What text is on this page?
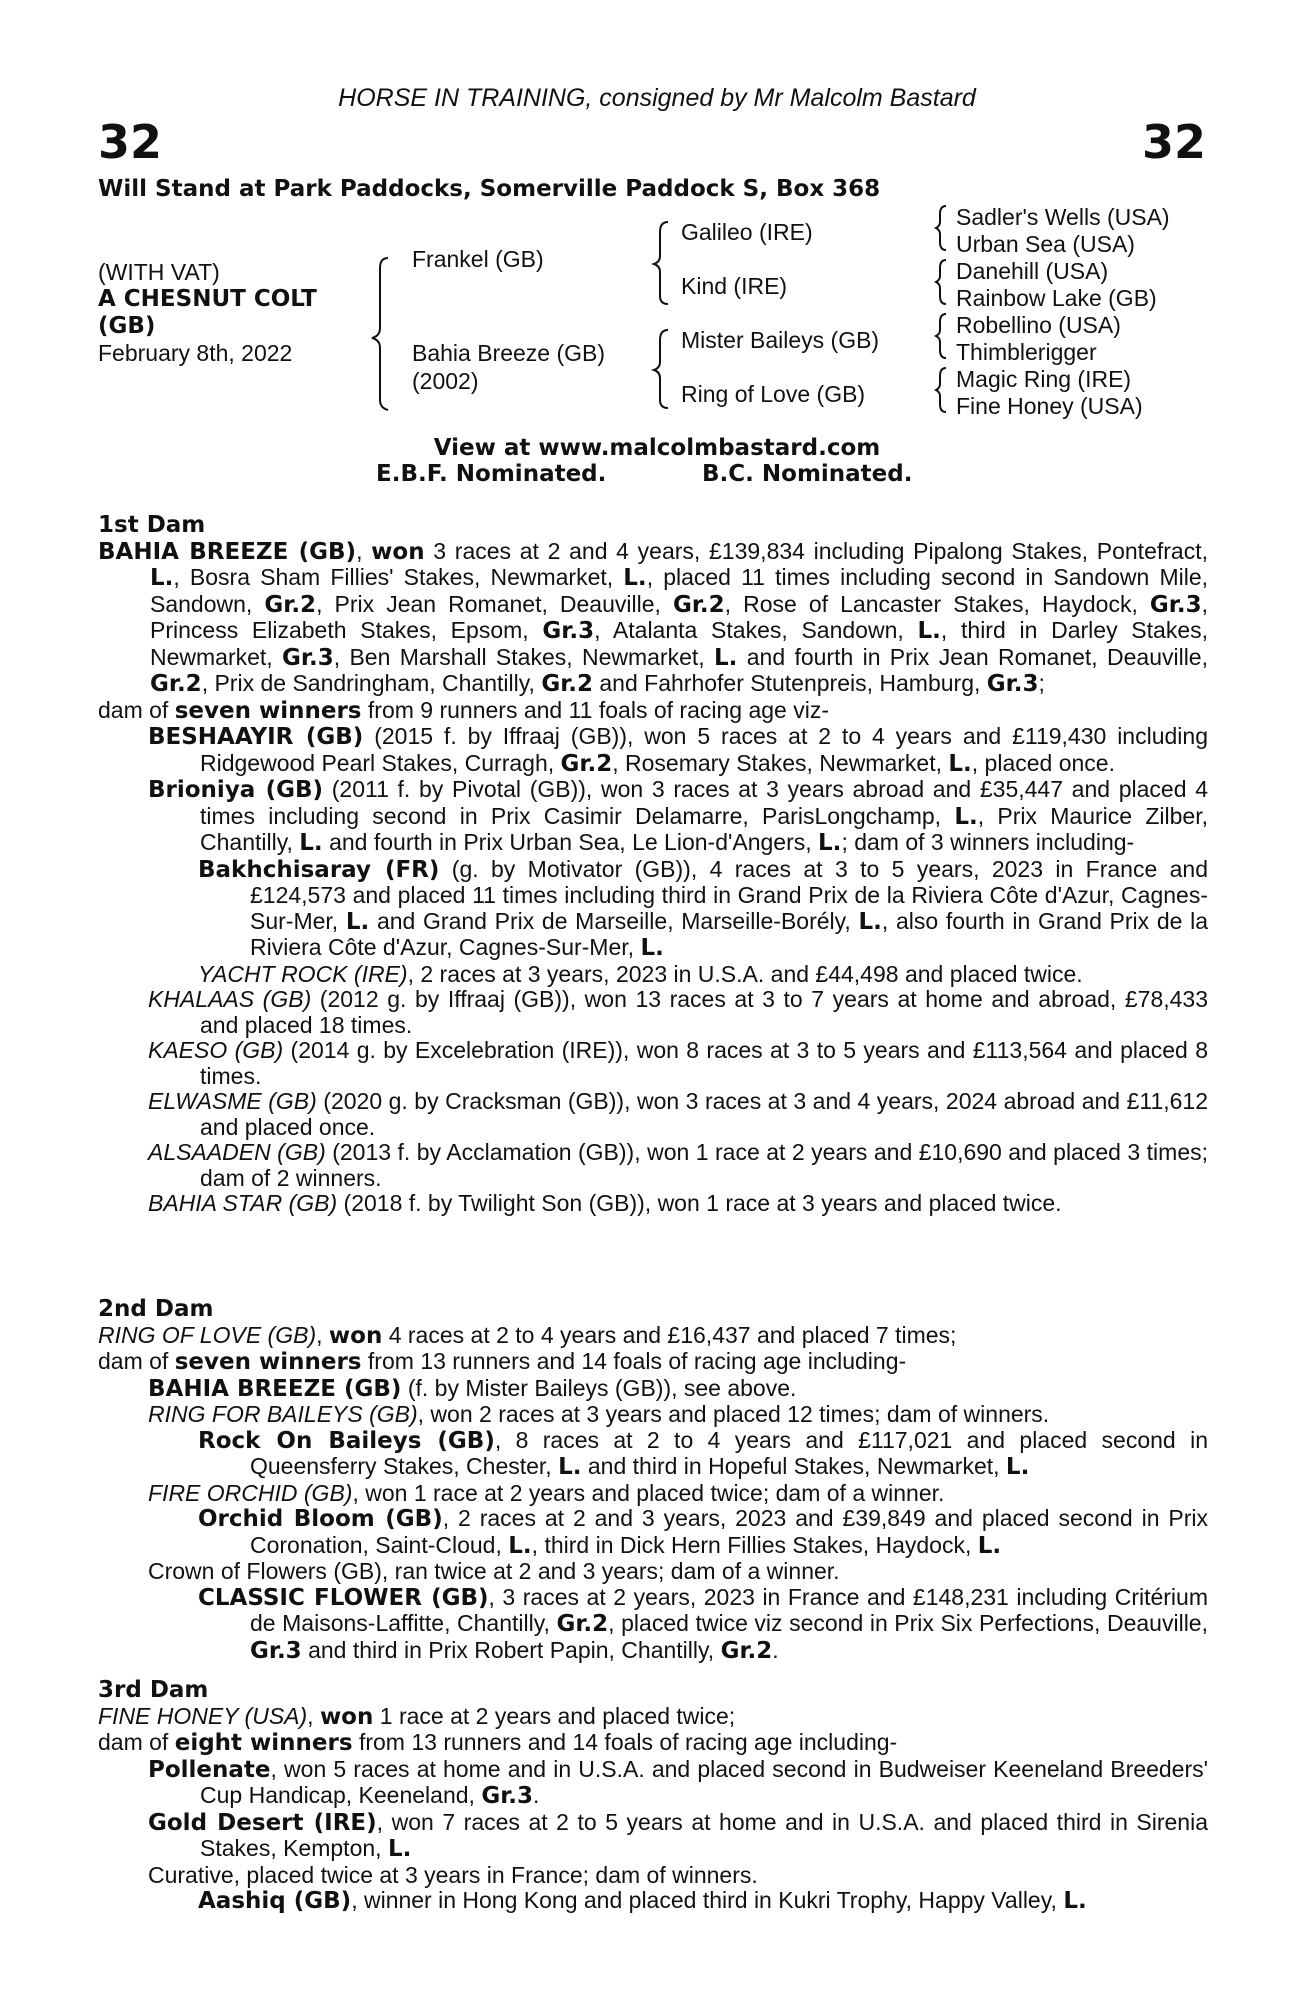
HORSE IN TRAINING, consigned by Mr Malcolm Bastard
32	32
Will Stand at Park Paddocks, Somerville Paddock S, Box 368
(WITH VAT)
A CHESNUT COLT
(GB)
February 8th, 2022
Frankel (GB)
Bahia Breeze (GB)
(2002)
Galileo (IRE)
Kind (IRE)
Mister Baileys (GB)
Ring of Love (GB)
Sadler's Wells (USA)
Urban Sea (USA)
Danehill (USA)
Rainbow Lake (GB)
Robellino (USA)
Thimblerigger
Magic Ring (IRE)
Fine Honey (USA)
View at www.malcolmbastard.com
E.B.F. Nominated.	B.C. Nominated.

1st Dam

BAHIA BREEZE (GB), won 3 races at 2 and 4 years, £139,834 including Pipalong Stakes, Pontefract, L., Bosra Sham Fillies' Stakes, Newmarket, L., placed 11 times including second in Sandown Mile, Sandown, Gr.2, Prix Jean Romanet, Deauville, Gr.2, Rose of Lancaster Stakes, Haydock, Gr.3, Princess Elizabeth Stakes, Epsom, Gr.3, Atalanta Stakes, Sandown, L., third in Darley Stakes, Newmarket, Gr.3, Ben Marshall Stakes, Newmarket, L. and fourth in Prix Jean Romanet, Deauville, Gr.2, Prix de Sandringham, Chantilly, Gr.2 and Fahrhofer Stutenpreis, Hamburg, Gr.3;

dam of seven winners from 9 runners and 11 foals of racing age viz-

BESHAAYIR (GB) (2015 f. by Iffraaj (GB)), won 5 races at 2 to 4 years and £119,430 including Ridgewood Pearl Stakes, Curragh, Gr.2, Rosemary Stakes, Newmarket, L., placed once.

Brioniya (GB) (2011 f. by Pivotal (GB)), won 3 races at 3 years abroad and £35,447 and placed 4 times including second in Prix Casimir Delamarre, ParisLongchamp, L., Prix Maurice Zilber, Chantilly, L. and fourth in Prix Urban Sea, Le Lion-d'Angers, L.; dam of 3 winners including-

Bakhchisaray (FR) (g. by Motivator (GB)), 4 races at 3 to 5 years, 2023 in France and £124,573 and placed 11 times including third in Grand Prix de la Riviera Côte d'Azur, Cagnes-Sur-Mer, L. and Grand Prix de Marseille, Marseille-Borély, L., also fourth in Grand Prix de la Riviera Côte d'Azur, Cagnes-Sur-Mer, L.

YACHT ROCK (IRE), 2 races at 3 years, 2023 in U.S.A. and £44,498 and placed twice.

KHALAAS (GB) (2012 g. by Iffraaj (GB)), won 13 races at 3 to 7 years at home and abroad, £78,433 and placed 18 times.

KAESO (GB) (2014 g. by Excelebration (IRE)), won 8 races at 3 to 5 years and £113,564 and placed 8 times.

ELWASME (GB) (2020 g. by Cracksman (GB)), won 3 races at 3 and 4 years, 2024 abroad and £11,612 and placed once.

ALSAADEN (GB) (2013 f. by Acclamation (GB)), won 1 race at 2 years and £10,690 and placed 3 times; dam of 2 winners.

BAHIA STAR (GB) (2018 f. by Twilight Son (GB)), won 1 race at 3 years and placed twice.

2nd Dam

RING OF LOVE (GB), won 4 races at 2 to 4 years and £16,437 and placed 7 times;

dam of seven winners from 13 runners and 14 foals of racing age including-

BAHIA BREEZE (GB) (f. by Mister Baileys (GB)), see above.

RING FOR BAILEYS (GB), won 2 races at 3 years and placed 12 times; dam of winners.

Rock On Baileys (GB), 8 races at 2 to 4 years and £117,021 and placed second in Queensferry Stakes, Chester, L. and third in Hopeful Stakes, Newmarket, L.

FIRE ORCHID (GB), won 1 race at 2 years and placed twice; dam of a winner.

Orchid Bloom (GB), 2 races at 2 and 3 years, 2023 and £39,849 and placed second in Prix Coronation, Saint-Cloud, L., third in Dick Hern Fillies Stakes, Haydock, L.

Crown of Flowers (GB), ran twice at 2 and 3 years; dam of a winner.

CLASSIC FLOWER (GB), 3 races at 2 years, 2023 in France and £148,231 including Critérium de Maisons-Laffitte, Chantilly, Gr.2, placed twice viz second in Prix Six Perfections, Deauville, Gr.3 and third in Prix Robert Papin, Chantilly, Gr.2.

3rd Dam

FINE HONEY (USA), won 1 race at 2 years and placed twice;

dam of eight winners from 13 runners and 14 foals of racing age including-

Pollenate, won 5 races at home and in U.S.A. and placed second in Budweiser Keeneland Breeders' Cup Handicap, Keeneland, Gr.3.

Gold Desert (IRE), won 7 races at 2 to 5 years at home and in U.S.A. and placed third in Sirenia Stakes, Kempton, L.

Curative, placed twice at 3 years in France; dam of winners.

Aashiq (GB), winner in Hong Kong and placed third in Kukri Trophy, Happy Valley, L.
